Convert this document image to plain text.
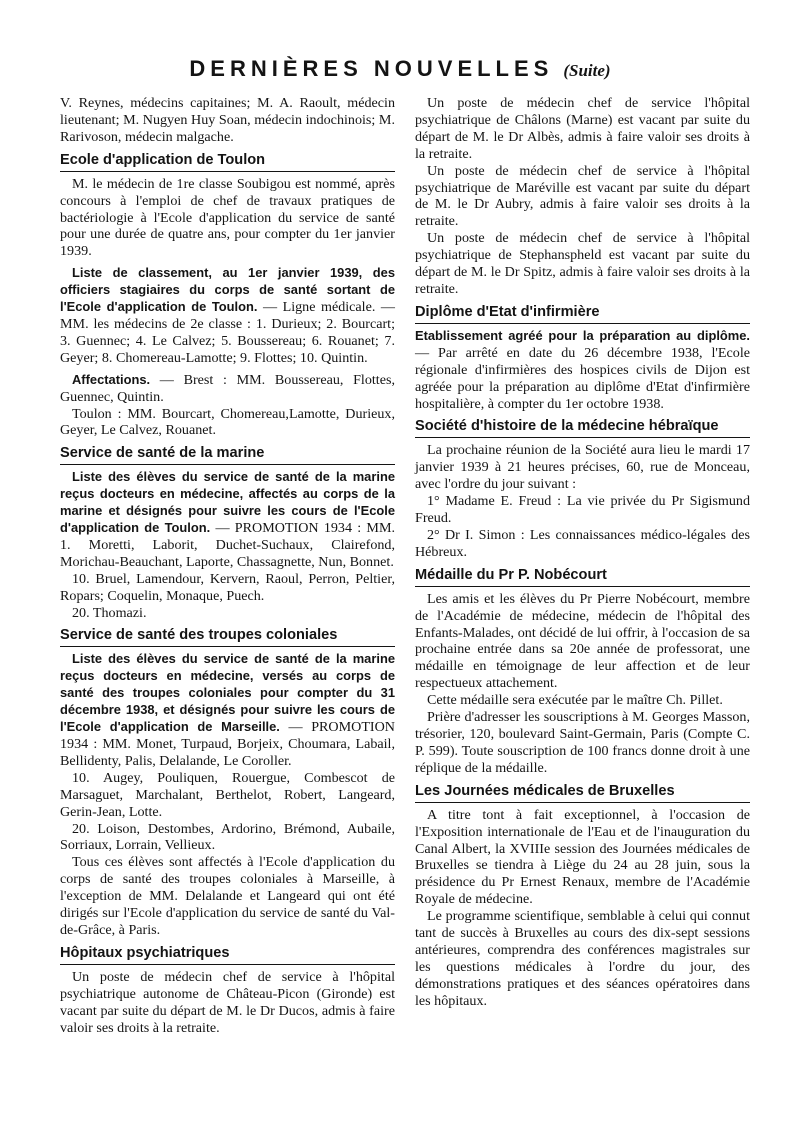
DERNIÈRES NOUVELLES (Suite)

V. Reynes, médecins capitaines; M. A. Raoult, médecin lieutenant; M. Nugyen Huy Soan, médecin indochinois; M. Rarivoson, médecin malgache.

Ecole d'application de Toulon

M. le médecin de 1re classe Soubigou est nommé, après concours à l'emploi de chef de travaux pratiques de bactériologie à l'Ecole d'application du service de santé pour une durée de quatre ans, pour compter du 1er janvier 1939.

Liste de classement, au 1er janvier 1939, des officiers stagiaires du corps de santé sortant de l'Ecole d'application de Toulon. — Ligne médicale. — MM. les médecins de 2e classe : 1. Durieux; 2. Bourcart; 3. Guennec; 4. Le Calvez; 5. Boussereau; 6. Rouanet; 7. Geyer; 8. Chomereau-Lamotte; 9. Flottes; 10. Quintin.

Affectations. — Brest : MM. Boussereau, Flottes, Guennec, Quintin.

Toulon : MM. Bourcart, Chomereau,Lamotte, Durieux, Geyer, Le Calvez, Rouanet.

Service de santé de la marine

Liste des élèves du service de santé de la marine reçus docteurs en médecine, affectés au corps de la marine et désignés pour suivre les cours de l'Ecole d'application de Toulon. — PROMOTION 1934 : MM. 1. Moretti, Laborit, Duchet-Suchaux, Clairefond, Morichau-Beauchant, Laporte, Chassagnette, Nun, Bonnet.

10. Bruel, Lamendour, Kervern, Raoul, Perron, Peltier, Ropars; Coquelin, Monaque, Puech.

20. Thomazi.

Service de santé des troupes coloniales

Liste des élèves du service de santé de la marine reçus docteurs en médecine, versés au corps de santé des troupes coloniales pour compter du 31 décembre 1938, et désignés pour suivre les cours de l'Ecole d'application de Marseille. — PROMOTION 1934 : MM. Monet, Turpaud, Borjeix, Choumara, Labail, Bellidenty, Palis, Delalande, Le Coroller.

10. Augey, Pouliquen, Rouergue, Combescot de Marsaguet, Marchalant, Berthelot, Robert, Langeard, Gerin-Jean, Lotte.

20. Loison, Destombes, Ardorino, Brémond, Aubaile, Sorriaux, Lorrain, Vellieux.

Tous ces élèves sont affectés à l'Ecole d'application du corps de santé des troupes coloniales à Marseille, à l'exception de MM. Delalande et Langeard qui ont été dirigés sur l'Ecole d'application du service de santé du Val-de-Grâce, à Paris.

Hôpitaux psychiatriques

Un poste de médecin chef de service à l'hôpital psychiatrique autonome de Château-Picon (Gironde) est vacant par suite du départ de M. le Dr Ducos, admis à faire valoir ses droits à la retraite.

Un poste de médecin chef de service l'hôpital psychiatrique de Châlons (Marne) est vacant par suite du départ de M. le Dr Albès, admis à faire valoir ses droits à la retraite.

Un poste de médecin chef de service à l'hôpital psychiatrique de Maréville est vacant par suite du départ de M. le Dr Aubry, admis à faire valoir ses droits à la retraite.

Un poste de médecin chef de service à l'hôpital psychiatrique de Stephanspheld est vacant par suite du départ de M. le Dr Spitz, admis à faire valoir ses droits à la retraite.

Diplôme d'Etat d'infirmière

Etablissement agréé pour la préparation au diplôme. — Par arrêté en date du 26 décembre 1938, l'Ecole régionale d'infirmières des hospices civils de Dijon est agréée pour la préparation au diplôme d'Etat d'infirmière hospitalière, à compter du 1er octobre 1938.

Société d'histoire de la médecine hébraïque

La prochaine réunion de la Société aura lieu le mardi 17 janvier 1939 à 21 heures précises, 60, rue de Monceau, avec l'ordre du jour suivant :

1° Madame E. Freud : La vie privée du Pr Sigismund Freud.

2° Dr I. Simon : Les connaissances médico-légales des Hébreux.

Médaille du Pr P. Nobécourt

Les amis et les élèves du Pr Pierre Nobécourt, membre de l'Académie de médecine, médecin de l'hôpital des Enfants-Malades, ont décidé de lui offrir, à l'occasion de sa prochaine entrée dans sa 20e année de professorat, une médaille en témoignage de leur affection et de leur respectueux attachement.

Cette médaille sera exécutée par le maître Ch. Pillet.

Prière d'adresser les souscriptions à M. Georges Masson, trésorier, 120, boulevard Saint-Germain, Paris (Compte C. P. 599). Toute souscription de 100 francs donne droit à une réplique de la médaille.

Les Journées médicales de Bruxelles

A titre tont à fait exceptionnel, à l'occasion de l'Exposition internationale de l'Eau et de l'inauguration du Canal Albert, la XVIIIe session des Journées médicales de Bruxelles se tiendra à Liège du 24 au 28 juin, sous la présidence du Pr Ernest Renaux, membre de l'Académie Royale de médecine.

Le programme scientifique, semblable à celui qui connut tant de succès à Bruxelles au cours des dix-sept sessions antérieures, comprendra des conférences magistrales sur les questions médicales à l'ordre du jour, des démonstrations pratiques et des séances opératoires dans les hôpitaux.
